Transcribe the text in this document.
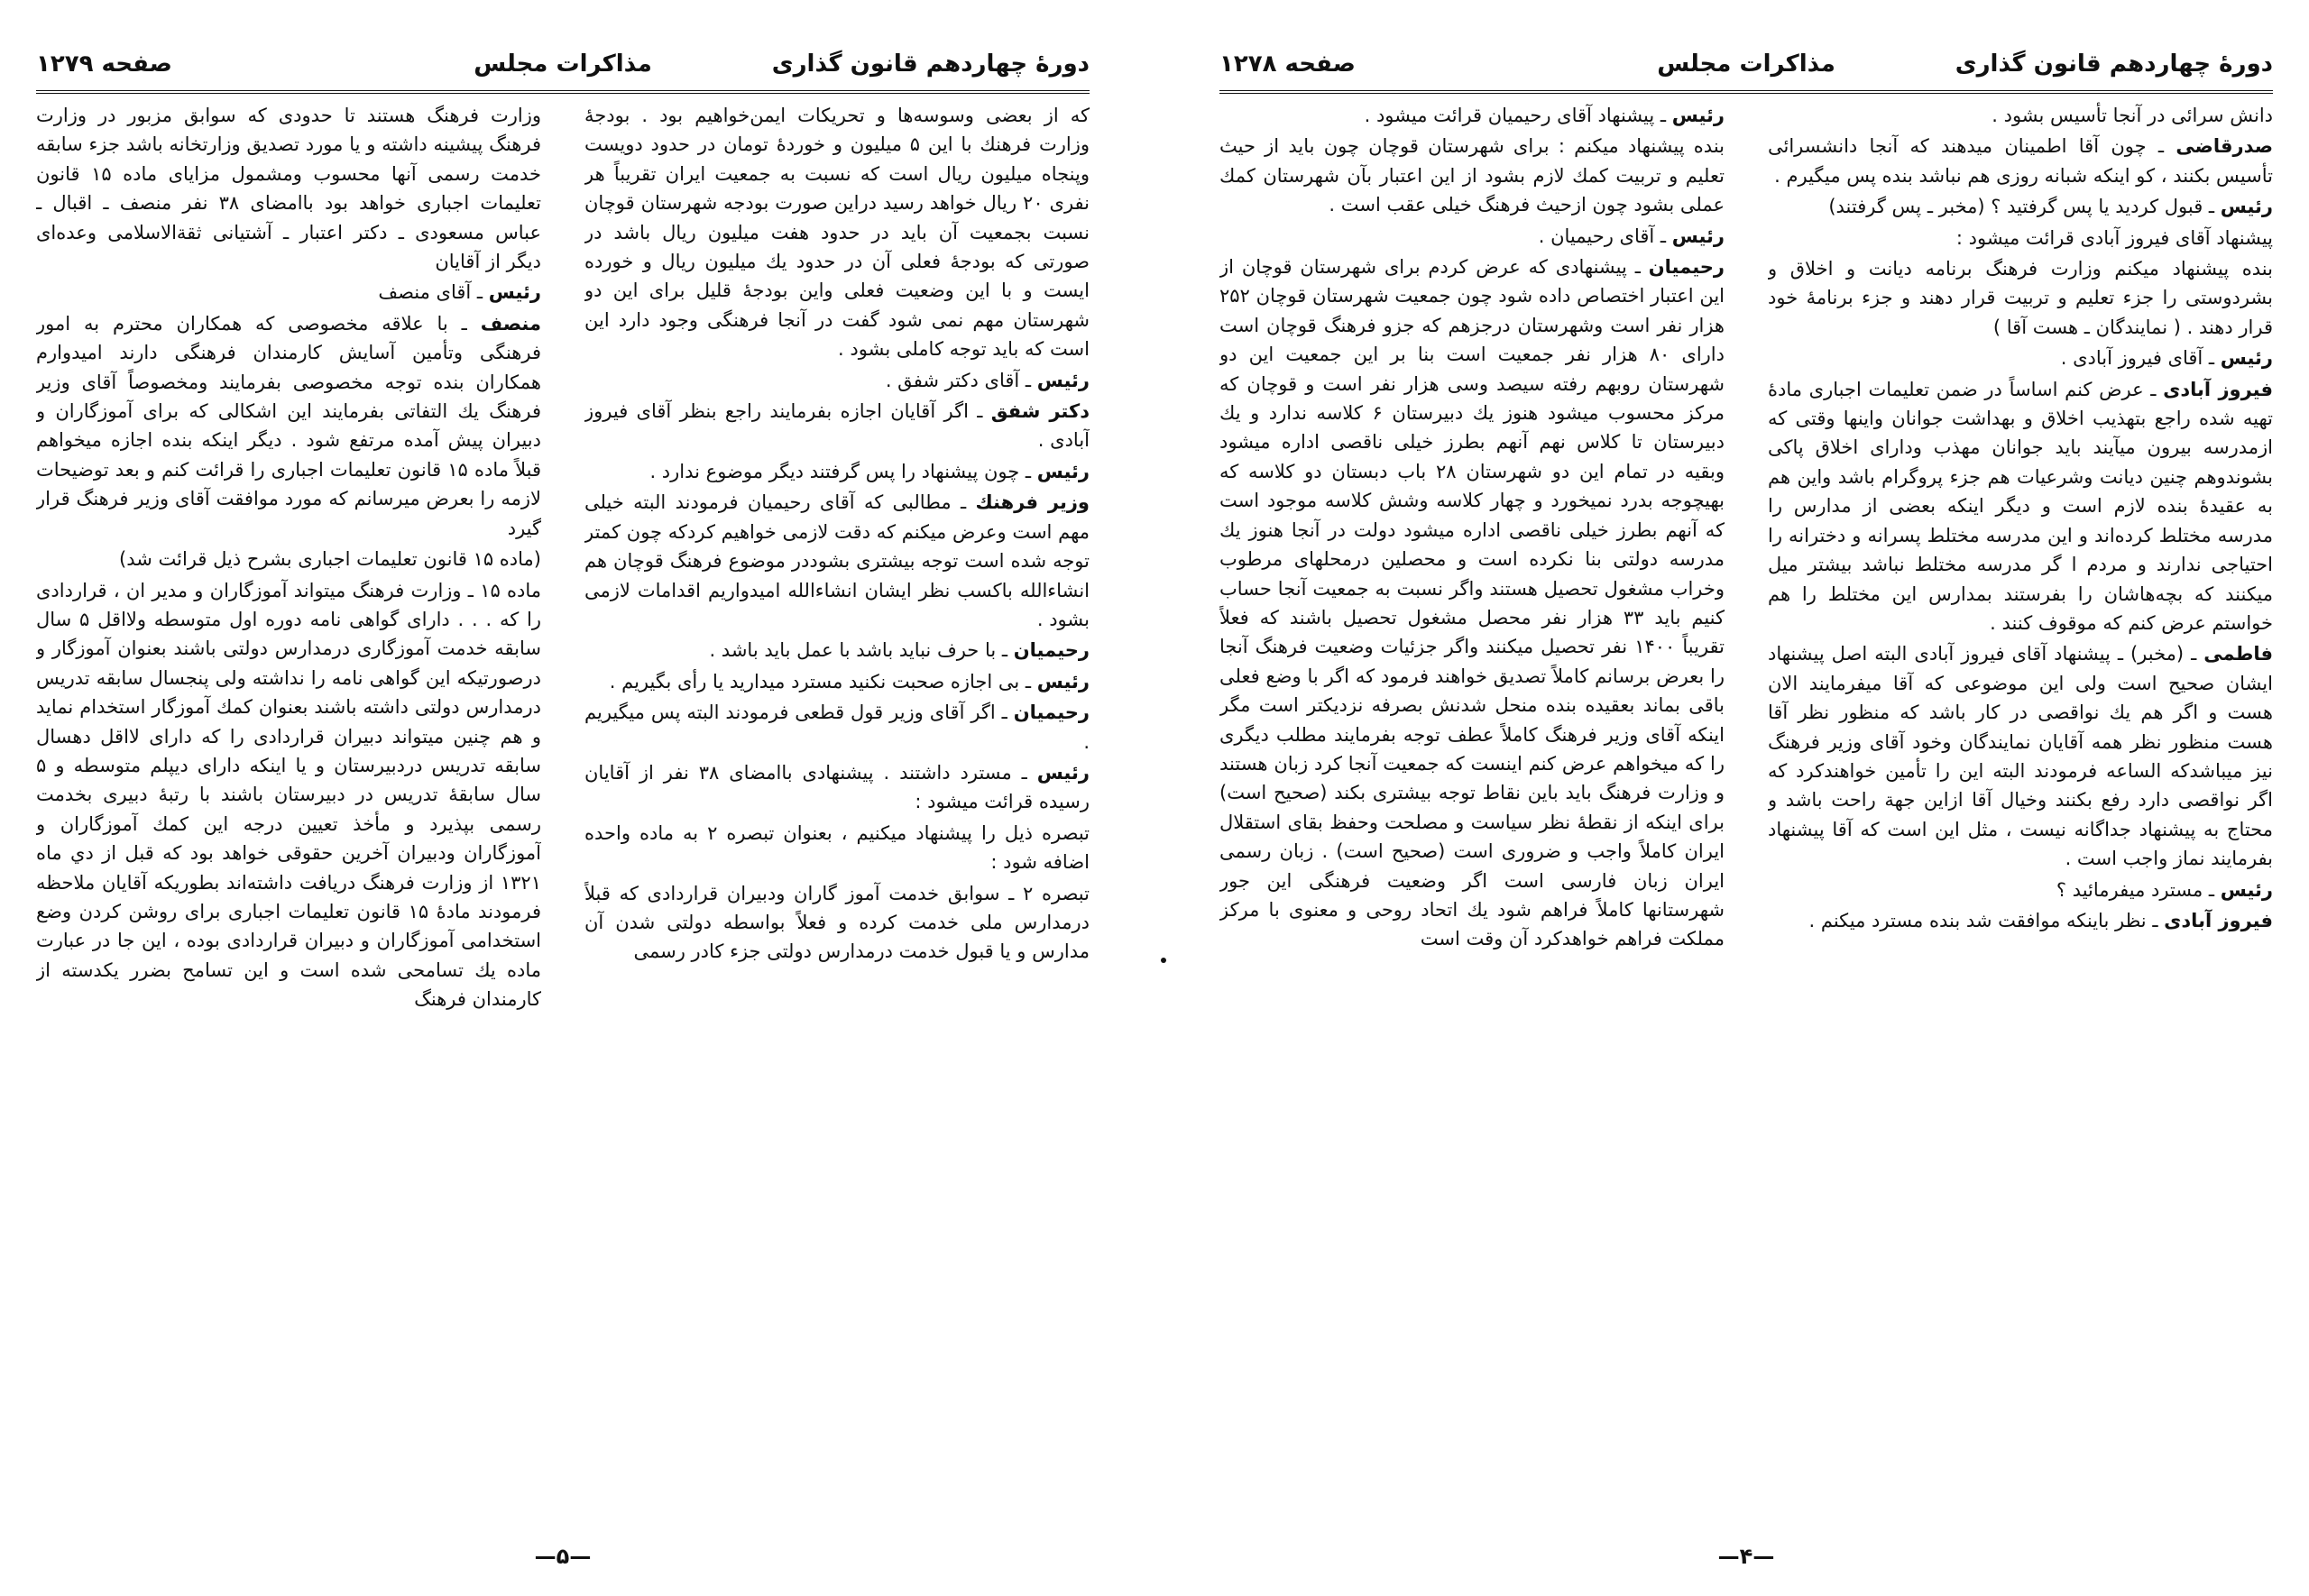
دورهٔ چهاردهم قانون گذاری
مذاکرات مجلس
صفحه ۱۲۷۹

كه از بعضى وسوسه‌ها و تحريكات ايمن‌خواهيم بود . بودجهٔ وزارت فرهنك با اين ۵ ميليون و خوردهٔ تومان در حدود دويست وپنجاه ميليون ريال است كه نسبت به جمعيت ايران تقريباً هر نفرى ۲۰ ريال خواهد رسيد دراين صورت بودجه شهرستان قوچان نسبت بجمعيت آن بايد در حدود هفت ميليون ريال باشد در صورتى كه بودجهٔ فعلى آن در حدود يك ميليون ريال و خورده ايست و با اين وضعيت فعلى واين بودجهٔ قليل براى اين دو شهرستان مهم نمى شود گفت در آنجا فرهنگى وجود دارد اين است كه بايد توجه كاملى بشود .

رئيس ـ آقاى دكتر شفق .

دكتر شفق ـ اگر آقايان اجازه بفرمايند راجع بنظر آقاى فيروز آبادى .

رئيس ـ چون پيشنهاد را پس گرفتند ديگر موضوع ندارد .

وزير فرهنك ـ مطالبى كه آقاى رحيميان فرمودند البته خيلى مهم است وعرض ميكنم كه دقت لازمى خواهيم كردكه چون كمتر توجه شده است توجه بيشترى بشوددر موضوع فرهنگ قوچان هم انشاءالله باكسب نظر ايشان انشاءالله اميدواريم اقدامات لازمى بشود .

رحيميان ـ با حرف نبايد باشد با عمل بايد باشد .

رئيس ـ بى اجازه صحبت نكنيد مسترد ميداريد يا رأى بگيريم .

رحيميان ـ اگر آقاى وزير قول قطعى فرمودند البته پس ميگيريم .

رئيس ـ مسترد داشتند . پيشنهادى باامضاى ۳۸ نفر از آقايان رسيده قرائت ميشود :

تبصره ذيل را پيشنهاد ميكنيم ، بعنوان تبصره ۲ به ماده واحده اضافه شود :

تبصره ۲ ـ سوابق خدمت آموز گاران ودبيران قراردادى كه قبلاً درمدارس ملى خدمت كرده و فعلاً بواسطه دولتى شدن آن مدارس و يا قبول خدمت درمدارس دولتى جزء كادر رسمى

وزارت فرهنگ هستند تا حدودى كه سوابق مزبور در وزارت فرهنگ پيشينه داشته و يا مورد تصديق وزارتخانه باشد جزء سابقه خدمت رسمى آنها محسوب ومشمول مزاياى ماده ۱۵ قانون تعليمات اجبارى خواهد بود باامضاى ۳۸ نفر منصف ـ اقبال ـ عباس مسعودى ـ دكتر اعتبار ـ آشتيانى ثقةالاسلامى وعده‌اى ديگر از آقايان

رئيس ـ آقاى منصف

منصف ـ با علاقه مخصوصى كه همكاران محترم به امور فرهنگى وتأمين آسايش كارمندان فرهنگى دارند اميدوارم همكاران بنده توجه مخصوصى بفرمايند ومخصوصاً آقاى وزير فرهنگ يك التفاتى بفرمايند اين اشكالى كه براى آموزگاران و دبيران پيش آمده مرتفع شود . ديگر اينكه بنده اجازه ميخواهم قبلاً ماده ۱۵ قانون تعليمات اجبارى را قرائت كنم و بعد توضيحات لازمه را بعرض ميرسانم كه مورد موافقت آقاى وزير فرهنگ قرار گيرد

(ماده ۱۵ قانون تعليمات اجبارى بشرح ذيل قرائت شد)

ماده ۱۵ ـ وزارت فرهنگ ميتواند آموزگاران و مدير ان ، قراردادى را كه . . . داراى گواهى نامه دوره اول متوسطه ولااقل ۵ سال سابقه خدمت آموزگارى درمدارس دولتى باشند بعنوان آموزگار و درصورتيكه اين گواهى نامه را نداشته ولى پنجسال سابقه تدريس درمدارس دولتى داشته باشند بعنوان كمك آموزگار استخدام نمايد و هم چنين ميتواند دبيران قراردادى را كه داراى لااقل دهسال سابقه تدريس دردبيرستان و يا اينكه داراى ديپلم متوسطه و ۵ سال سابقهٔ تدريس در دبيرستان باشند با رتبهٔ دبيرى بخدمت رسمى بپذيرد و مأخذ تعيين درجه اين كمك آموزگاران و آموزگاران ودبيران آخرين حقوقى خواهد بود كه قبل از دي ماه ۱۳۲۱ از وزارت فرهنگ دريافت داشته‌اند بطوريكه آقايان ملاحظه فرمودند مادهٔ ۱۵ قانون تعليمات اجبارى براى روشن كردن وضع استخدامى آموزگاران و دبيران قراردادى بوده ، اين جا در عبارت ماده يك تسامحى شده است و اين تسامح بضرر يكدسته از كارمندان فرهنگ

—۵—
دورهٔ چهاردهم قانون گذارى
مذاكرات مجلس
صفحه ۱۲۷۸

دانش سرائى در آنجا تأسيس بشود .

صدرقاضى ـ چون آقا اطمينان ميدهند كه آنجا دانشسرائى تأسيس بكنند ، كو اينكه شبانه روزى هم نباشد بنده پس ميگيرم .

رئيس ـ قبول كرديد يا پس گرفتيد ؟ (مخبر ـ پس گرفتند)

پيشنهاد آقاى فيروز آبادى قرائت ميشود :

بنده پيشنهاد ميكنم وزارت فرهنگ برنامه ديانت و اخلاق و بشردوستى را جزء تعليم و تربيت قرار دهند و جزء برنامهٔ خود قرار دهند . ( نمايندگان ـ هست آقا )

رئيس ـ آقاى فيروز آبادى .

فيروز آبادى ـ عرض كنم اساساً در ضمن تعليمات اجبارى مادهٔ تهيه شده راجع بتهذيب اخلاق و بهداشت جوانان واينها وقتى كه ازمدرسه بيرون ميآيند بايد جوانان مهذب ودارای اخلاق پاكى بشوندوهم چنين ديانت وشرعيات هم جزء پروگرام باشد واين هم به عقيدهٔ بنده لازم است و ديگر اينكه بعضى از مدارس را مدرسه مختلط كرده‌اند و اين مدرسه مختلط پسرانه و دخترانه را احتياجى ندارند و مردم ا گر مدرسه مختلط نباشد بيشتر ميل ميكنند كه بچه‌هاشان را بفرستند بمدارس اين مختلط را هم خواستم عرض كنم كه موقوف كنند .

فاطمى ـ (مخبر) ـ پيشنهاد آقاى فيروز آبادى البته اصل پيشنهاد ايشان صحيح است ولى اين موضوعى كه آقا ميفرمايند الان هست و اگر هم يك نواقصى در كار باشد كه منظور نظر آقا هست منظور نظر همه آقايان نمايندگان وخود آقاى وزير فرهنگ نيز ميباشدكه الساعه فرمودند البته اين را تأمين خواهندكرد كه اگر نواقصى دارد رفع بكنند وخيال آقا ازاين جهة راحت باشد و محتاج به پيشنهاد جداگانه نيست ، مثل اين است كه آقا پيشنهاد بفرمايند نماز واجب است .

رئيس ـ مسترد ميفرمائيد ؟

فيروز آبادى ـ نظر باينكه موافقت شد بنده مسترد ميكنم .

رئيس ـ پيشنهاد آقاى رحيميان قرائت ميشود .

بنده پيشنهاد ميكنم : براى شهرستان قوچان چون بايد از حيث تعليم و تربيت كمك لازم بشود از اين اعتبار بآن شهرستان كمك عملى بشود چون ازحيث فرهنگ خيلى عقب است .

رئيس ـ آقاى رحيميان .

رحيميان ـ پيشنهادى كه عرض كردم براى شهرستان قوچان از اين اعتبار اختصاص داده شود چون جمعيت شهرستان قوچان ۲۵۲ هزار نفر است وشهرستان درجزهم كه جزو فرهنگ قوچان است داراى ۸۰ هزار نفر جمعيت است بنا بر اين جمعيت اين دو شهرستان روبهم رفته سيصد وسى هزار نفر است و قوچان كه مركز محسوب ميشود هنوز يك دبيرستان ۶ كلاسه ندارد و يك دبيرستان تا كلاس نهم آنهم بطرز خيلى ناقصى اداره ميشود وبقيه در تمام اين دو شهرستان ۲۸ باب دبستان دو كلاسه كه بهيچوجه بدرد نميخورد و چهار كلاسه وشش كلاسه موجود است كه آنهم بطرز خيلى ناقصى اداره ميشود دولت در آنجا هنوز يك مدرسه دولتى بنا نكرده است و محصلين درمحلهاى مرطوب وخراب مشغول تحصيل هستند واگر نسبت به جمعيت آنجا حساب كنيم بايد ۳۳ هزار نفر محصل مشغول تحصيل باشند كه فعلاً تقريباً ۱۴۰۰ نفر تحصيل ميكنند واگر جزئيات وضعيت فرهنگ آنجا را بعرض برسانم كاملاً تصديق خواهند فرمود كه اگر با وضع فعلى باقى بماند بعقيده بنده منحل شدنش بصرفه نزديكتر است مگر اينكه آقاى وزير فرهنگ كاملاً عطف توجه بفرمايند مطلب ديگرى را كه ميخواهم عرض كنم اينست كه جمعيت آنجا كرد زبان هستند و وزارت فرهنگ بايد باين نقاط توجه بيشترى بكند (صحيح است) براى اينكه از نقطهٔ نظر سياست و مصلحت وحفظ بقاى استقلال ايران كاملاً واجب و ضرورى است (صحيح است) . زبان رسمى ايران زبان فارسى است اگر وضعيت فرهنگى اين جور شهرستانها كاملاً فراهم شود يك اتحاد روحى و معنوى با مركز مملكت فراهم خواهدكرد آن وقت است

—۴—
